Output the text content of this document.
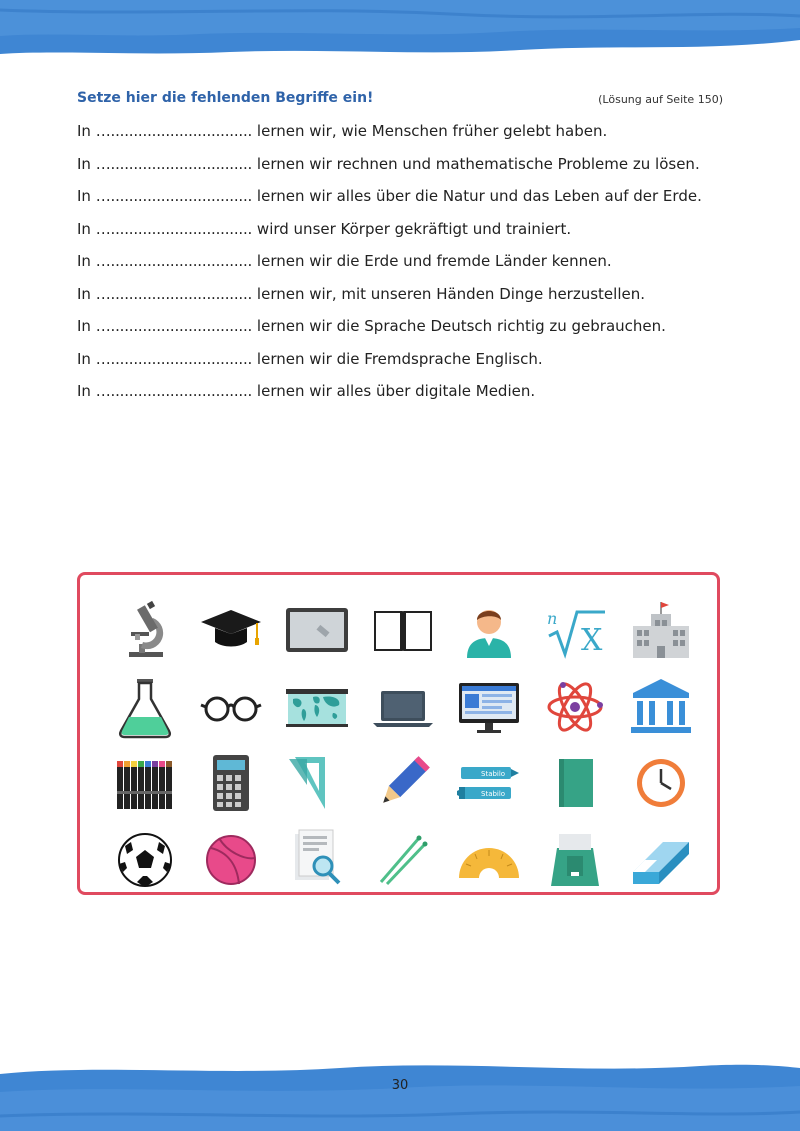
Setze hier die fehlenden Begriffe ein!	(Lösung auf Seite 150)
In …............................... lernen wir, wie Menschen früher gelebt haben.
In …............................... lernen wir rechnen und mathematische Probleme zu lösen.
In …............................... lernen wir alles über die Natur und das Leben auf der Erde.
In …............................... wird unser Körper gekräftigt und trainiert.
In …............................... lernen wir die Erde und fremde Länder kennen.
In …............................... lernen wir, mit unseren Händen Dinge herzustellen.
In …............................... lernen wir die Sprache Deutsch richtig zu gebrauchen.
In …............................... lernen wir die Fremdsprache Englisch.
In …............................... lernen wir alles über digitale Medien.
n
X
Stabilo
Stabilo
30
